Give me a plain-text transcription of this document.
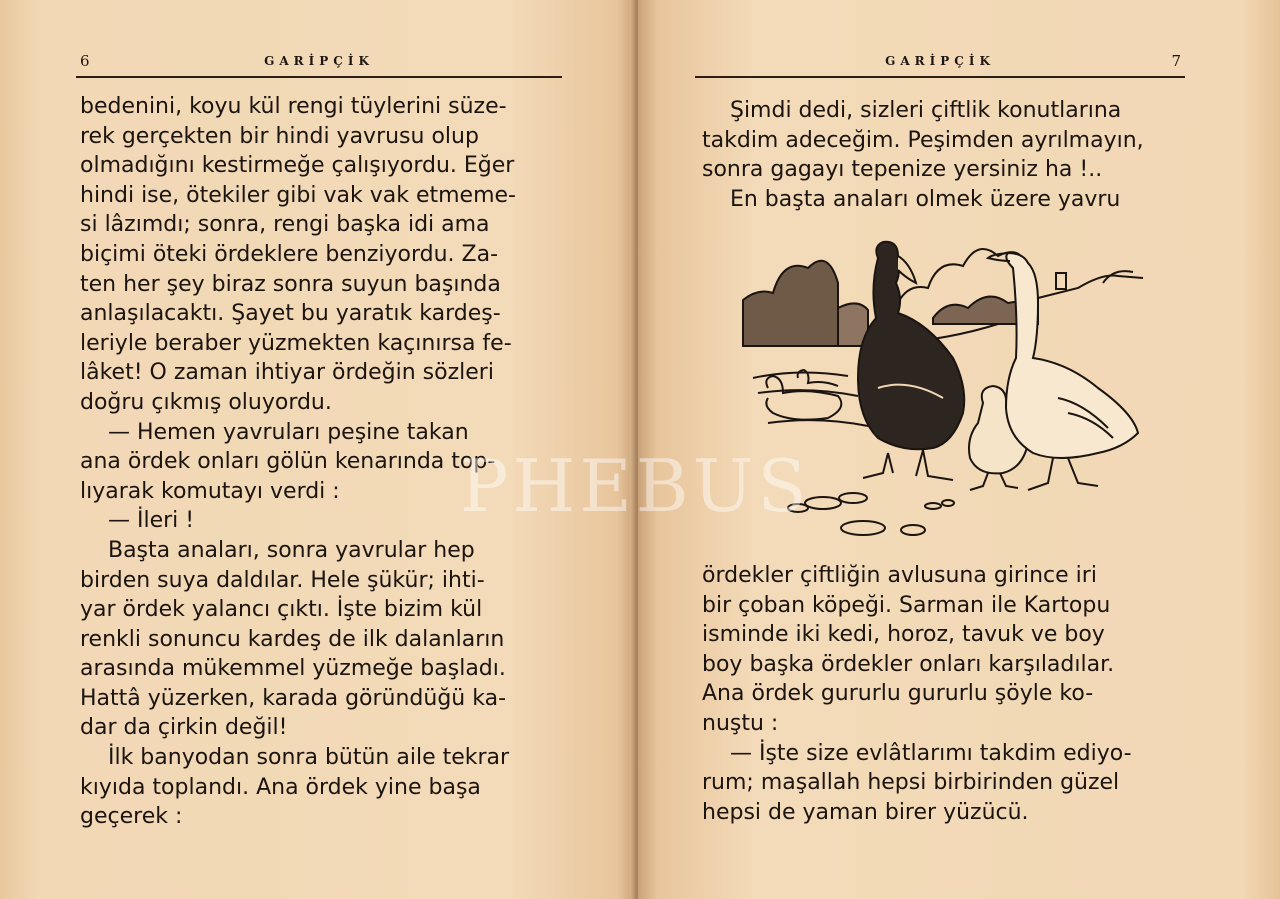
6	GARİPÇİK
bedenini, koyu kül rengi tüylerini süze-
rek gerçekten bir hindi yavrusu olup
olmadığını kestirmeğe çalışıyordu. Eğer
hindi ise, ötekiler gibi vak vak etmeme-
si lâzımdı; sonra, rengi başka idi ama
biçimi öteki ördeklere benziyordu. Za-
ten her şey biraz sonra suyun başında
anlaşılacaktı. Şayet bu yaratık kardeş-
leriyle beraber yüzmekten kaçınırsa fe-
lâket! O zaman ihtiyar ördeğin sözleri
doğru çıkmış oluyordu.
— Hemen yavruları peşine takan
ana ördek onları gölün kenarında top-
lıyarak komutayı verdi :
— İleri !
Başta anaları, sonra yavrular hep
birden suya daldılar. Hele şükür; ihti-
yar ördek yalancı çıktı. İşte bizim kül
renkli sonuncu kardeş de ilk dalanların
arasında mükemmel yüzmeğe başladı.
Hattâ yüzerken, karada göründüğü ka-
dar da çirkin değil!
İlk banyodan sonra bütün aile tekrar
kıyıda toplandı. Ana ördek yine başa
geçerek :
GARİPÇİK	7
Şimdi dedi, sizleri çiftlik konutlarına
takdim adeceğim. Peşimden ayrılmayın,
sonra gagayı tepenize yersiniz ha !..
En başta anaları olmek üzere yavru
ördekler çiftliğin avlusuna girince iri
bir çoban köpeği. Sarman ile Kartopu
isminde iki kedi, horoz, tavuk ve boy
boy başka ördekler onları karşıladılar.
Ana ördek gururlu gururlu şöyle ko-
nuştu :
— İşte size evlâtlarımı takdim ediyo-
rum; maşallah hepsi birbirinden güzel
hepsi de yaman birer yüzücü.
PHEBUS
